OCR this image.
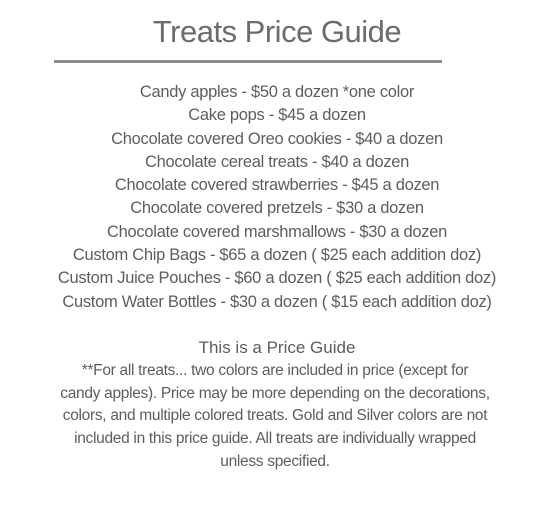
Treats Price Guide
Candy apples - $50 a dozen *one color
Cake pops - $45 a dozen
Chocolate covered Oreo cookies - $40 a dozen
Chocolate cereal treats - $40 a dozen
Chocolate covered strawberries - $45 a dozen
Chocolate covered pretzels - $30 a dozen
Chocolate covered marshmallows - $30 a dozen
Custom Chip Bags - $65 a dozen ( $25 each addition doz)
Custom Juice Pouches - $60 a dozen ( $25 each addition doz)
Custom Water Bottles - $30 a dozen ( $15 each addition doz)
This is a Price Guide

**For all treats... two colors are included in price (except for candy apples). Price may be more depending on the decorations, colors, and multiple colored treats. Gold and Silver colors are not included in this price guide. All treats are individually wrapped unless specified.
